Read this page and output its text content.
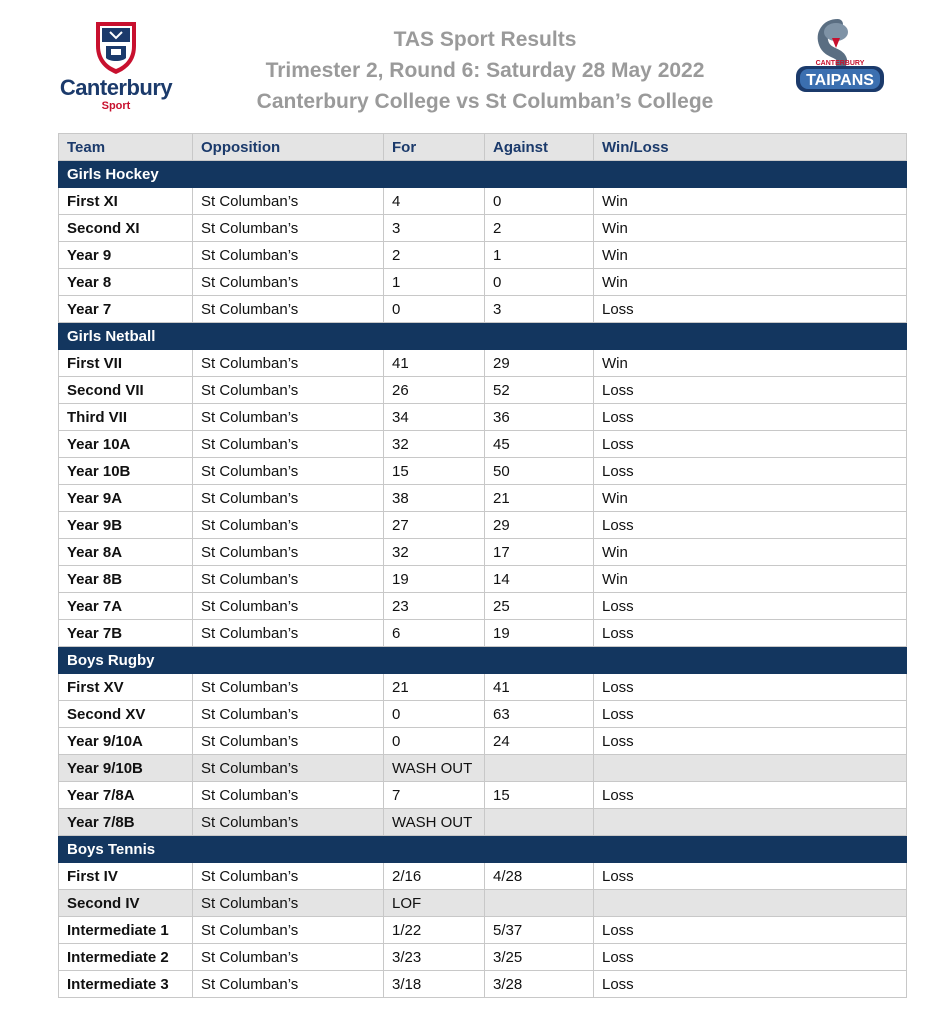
Canterbury
Sport
TAS Sport Results
Trimester 2, Round 6: Saturday 28 May 2022
Canterbury College vs St Columban’s College
CANTERBURY
TAIPANS
Team	Opposition	For	Against	Win/Loss
Girls Hockey				
First XI	St Columban’s	4	0	Win
Second XI	St Columban’s	3	2	Win
Year 9	St Columban’s	2	1	Win
Year 8	St Columban’s	1	0	Win
Year 7	St Columban’s	0	3	Loss
Girls Netball				
First VII	St Columban’s	41	29	Win
Second VII	St Columban’s	26	52	Loss
Third VII	St Columban’s	34	36	Loss
Year 10A	St Columban’s	32	45	Loss
Year 10B	St Columban’s	15	50	Loss
Year 9A	St Columban’s	38	21	Win
Year 9B	St Columban’s	27	29	Loss
Year 8A	St Columban’s	32	17	Win
Year 8B	St Columban’s	19	14	Win
Year 7A	St Columban’s	23	25	Loss
Year 7B	St Columban’s	6	19	Loss
Boys Rugby				
First XV	St Columban’s	21	41	Loss
Second XV	St Columban’s	0	63	Loss
Year 9/10A	St Columban’s	0	24	Loss
Year 9/10B	St Columban’s	WASH OUT		
Year 7/8A	St Columban’s	7	15	Loss
Year 7/8B	St Columban’s	WASH OUT		
Boys Tennis				
First IV	St Columban’s	2/16	4/28	Loss
Second IV	St Columban’s	LOF		
Intermediate 1	St Columban’s	1/22	5/37	Loss
Intermediate 2	St Columban’s	3/23	3/25	Loss
Intermediate 3	St Columban’s	3/18	3/28	Loss
